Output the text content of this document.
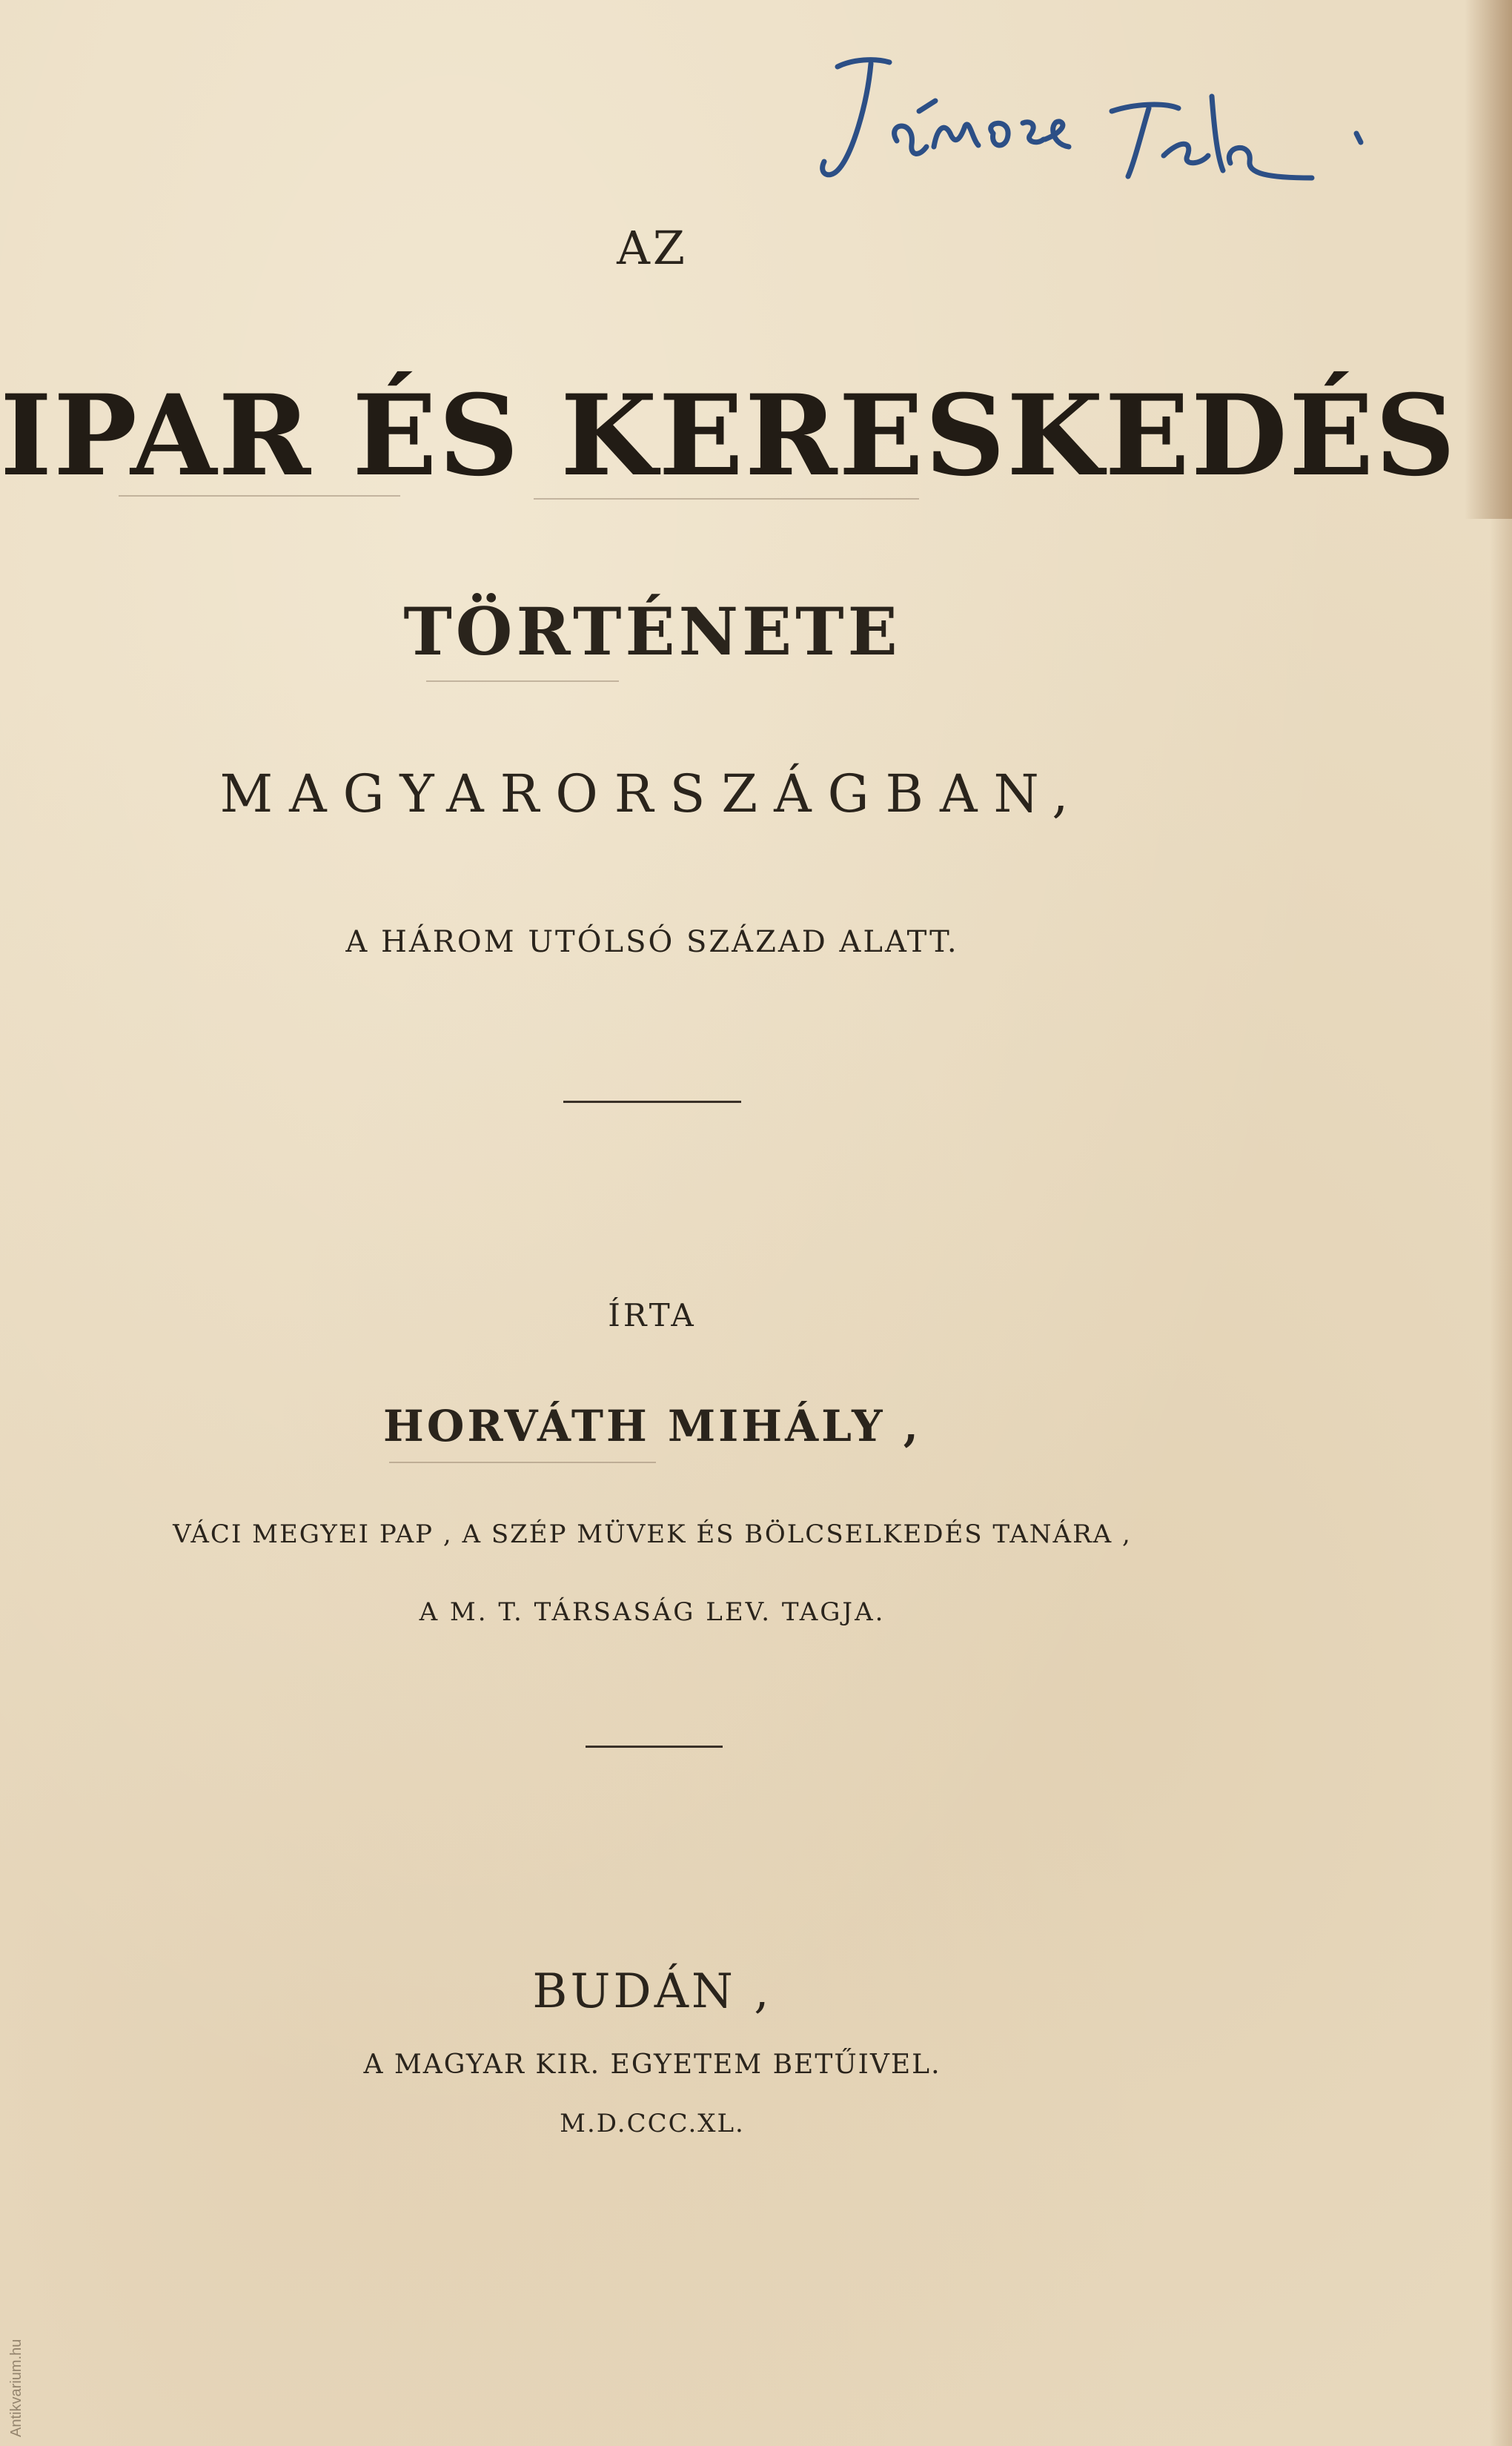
AZ
IPAR ÉS KERESKEDÉS
TÖRTÉNETE
MAGYARORSZÁGBAN,
A HÁROM UTÓLSÓ SZÁZAD ALATT.
ÍRTA
HORVÁTH MIHÁLY ,
VÁCI MEGYEI PAP , A SZÉP MÜVEK ÉS BÖLCSELKEDÉS TANÁRA ,
A M. T. TÁRSASÁG LEV. TAGJA.
BUDÁN ,
A MAGYAR KIR. EGYETEM BETŰIVEL.
M.D.CCC.XL.
Antikvarium.hu
